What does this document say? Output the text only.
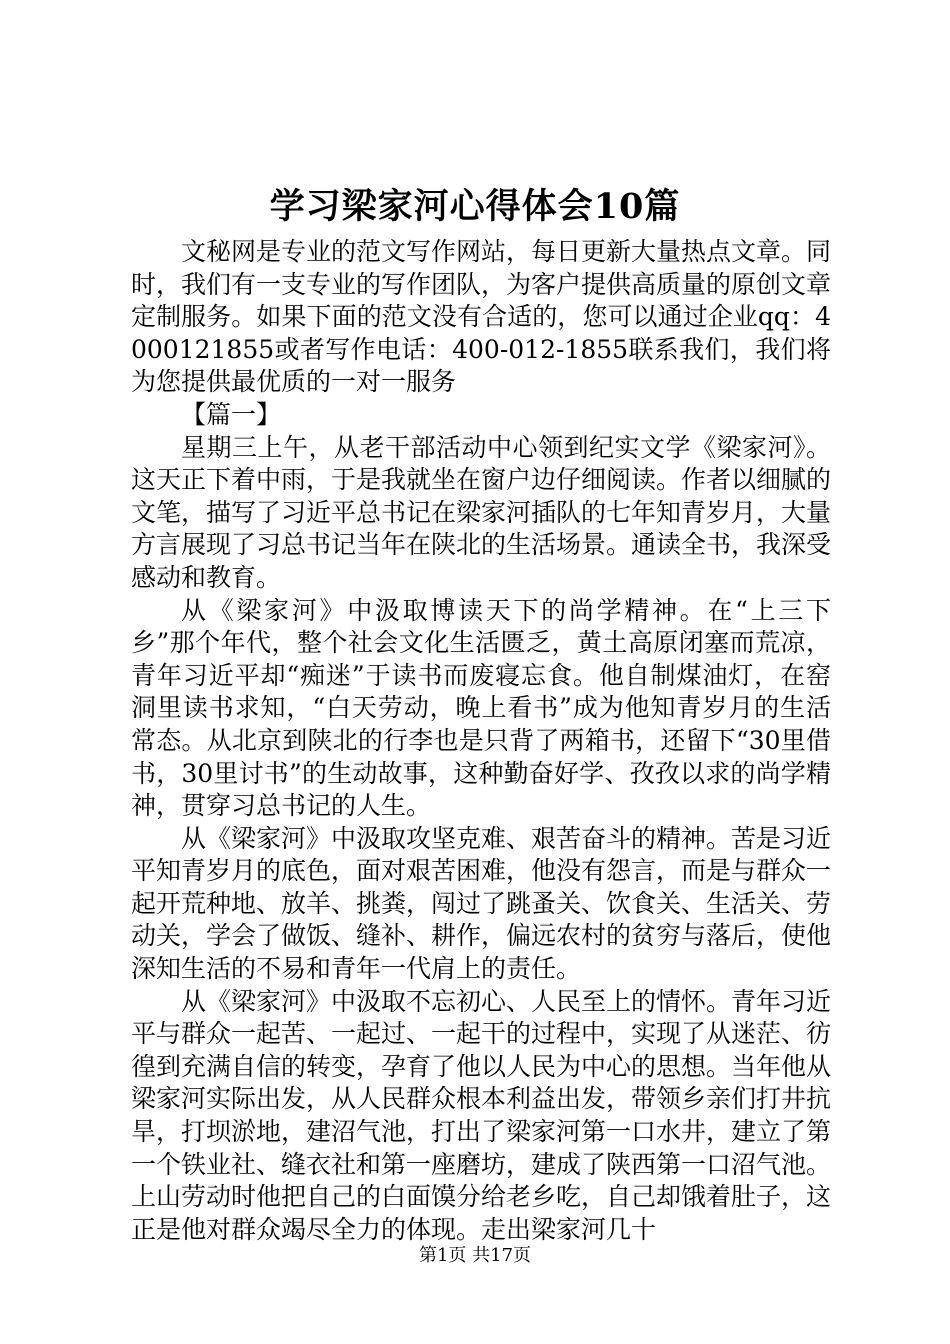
学习梁家河心得体会10篇

文秘网是专业的范文写作网站，每日更新大量热点文章。同时，我们有一支专业的写作团队，为客户提供高质量的原创文章定制服务。如果下面的范文没有合适的，您可以通过企业qq：4000121855或者写作电话：400-012-1855联系我们，我们将为您提供最优质的一对一服务

【篇一】

星期三上午，从老干部活动中心领到纪实文学《梁家河》。这天正下着中雨，于是我就坐在窗户边仔细阅读。作者以细腻的文笔，描写了习近平总书记在梁家河插队的七年知青岁月，大量方言展现了习总书记当年在陕北的生活场景。通读全书，我深受感动和教育。

从《梁家河》中汲取博读天下的尚学精神。在“上三下乡”那个年代，整个社会文化生活匮乏，黄土高原闭塞而荒凉，青年习近平却“痴迷”于读书而废寝忘食。他自制煤油灯，在窑洞里读书求知，“白天劳动，晚上看书”成为他知青岁月的生活常态。从北京到陕北的行李也是只背了两箱书，还留下“30里借书，30里讨书”的生动故事，这种勤奋好学、孜孜以求的尚学精神，贯穿习总书记的人生。

从《梁家河》中汲取攻坚克难、艰苦奋斗的精神。苦是习近平知青岁月的底色，面对艰苦困难，他没有怨言，而是与群众一起开荒种地、放羊、挑粪，闯过了跳蚤关、饮食关、生活关、劳动关，学会了做饭、缝补、耕作，偏远农村的贫穷与落后，使他深知生活的不易和青年一代肩上的责任。

从《梁家河》中汲取不忘初心、人民至上的情怀。青年习近平与群众一起苦、一起过、一起干的过程中，实现了从迷茫、彷徨到充满自信的转变，孕育了他以人民为中心的思想。当年他从梁家河实际出发，从人民群众根本利益出发，带领乡亲们打井抗旱，打坝淤地，建沼气池，打出了梁家河第一口水井，建立了第一个铁业社、缝衣社和第一座磨坊，建成了陕西第一口沼气池。上山劳动时他把自己的白面馍分给老乡吃，自己却饿着肚子，这正是他对群众竭尽全力的体现。走出梁家河几十

第1页 共17页
